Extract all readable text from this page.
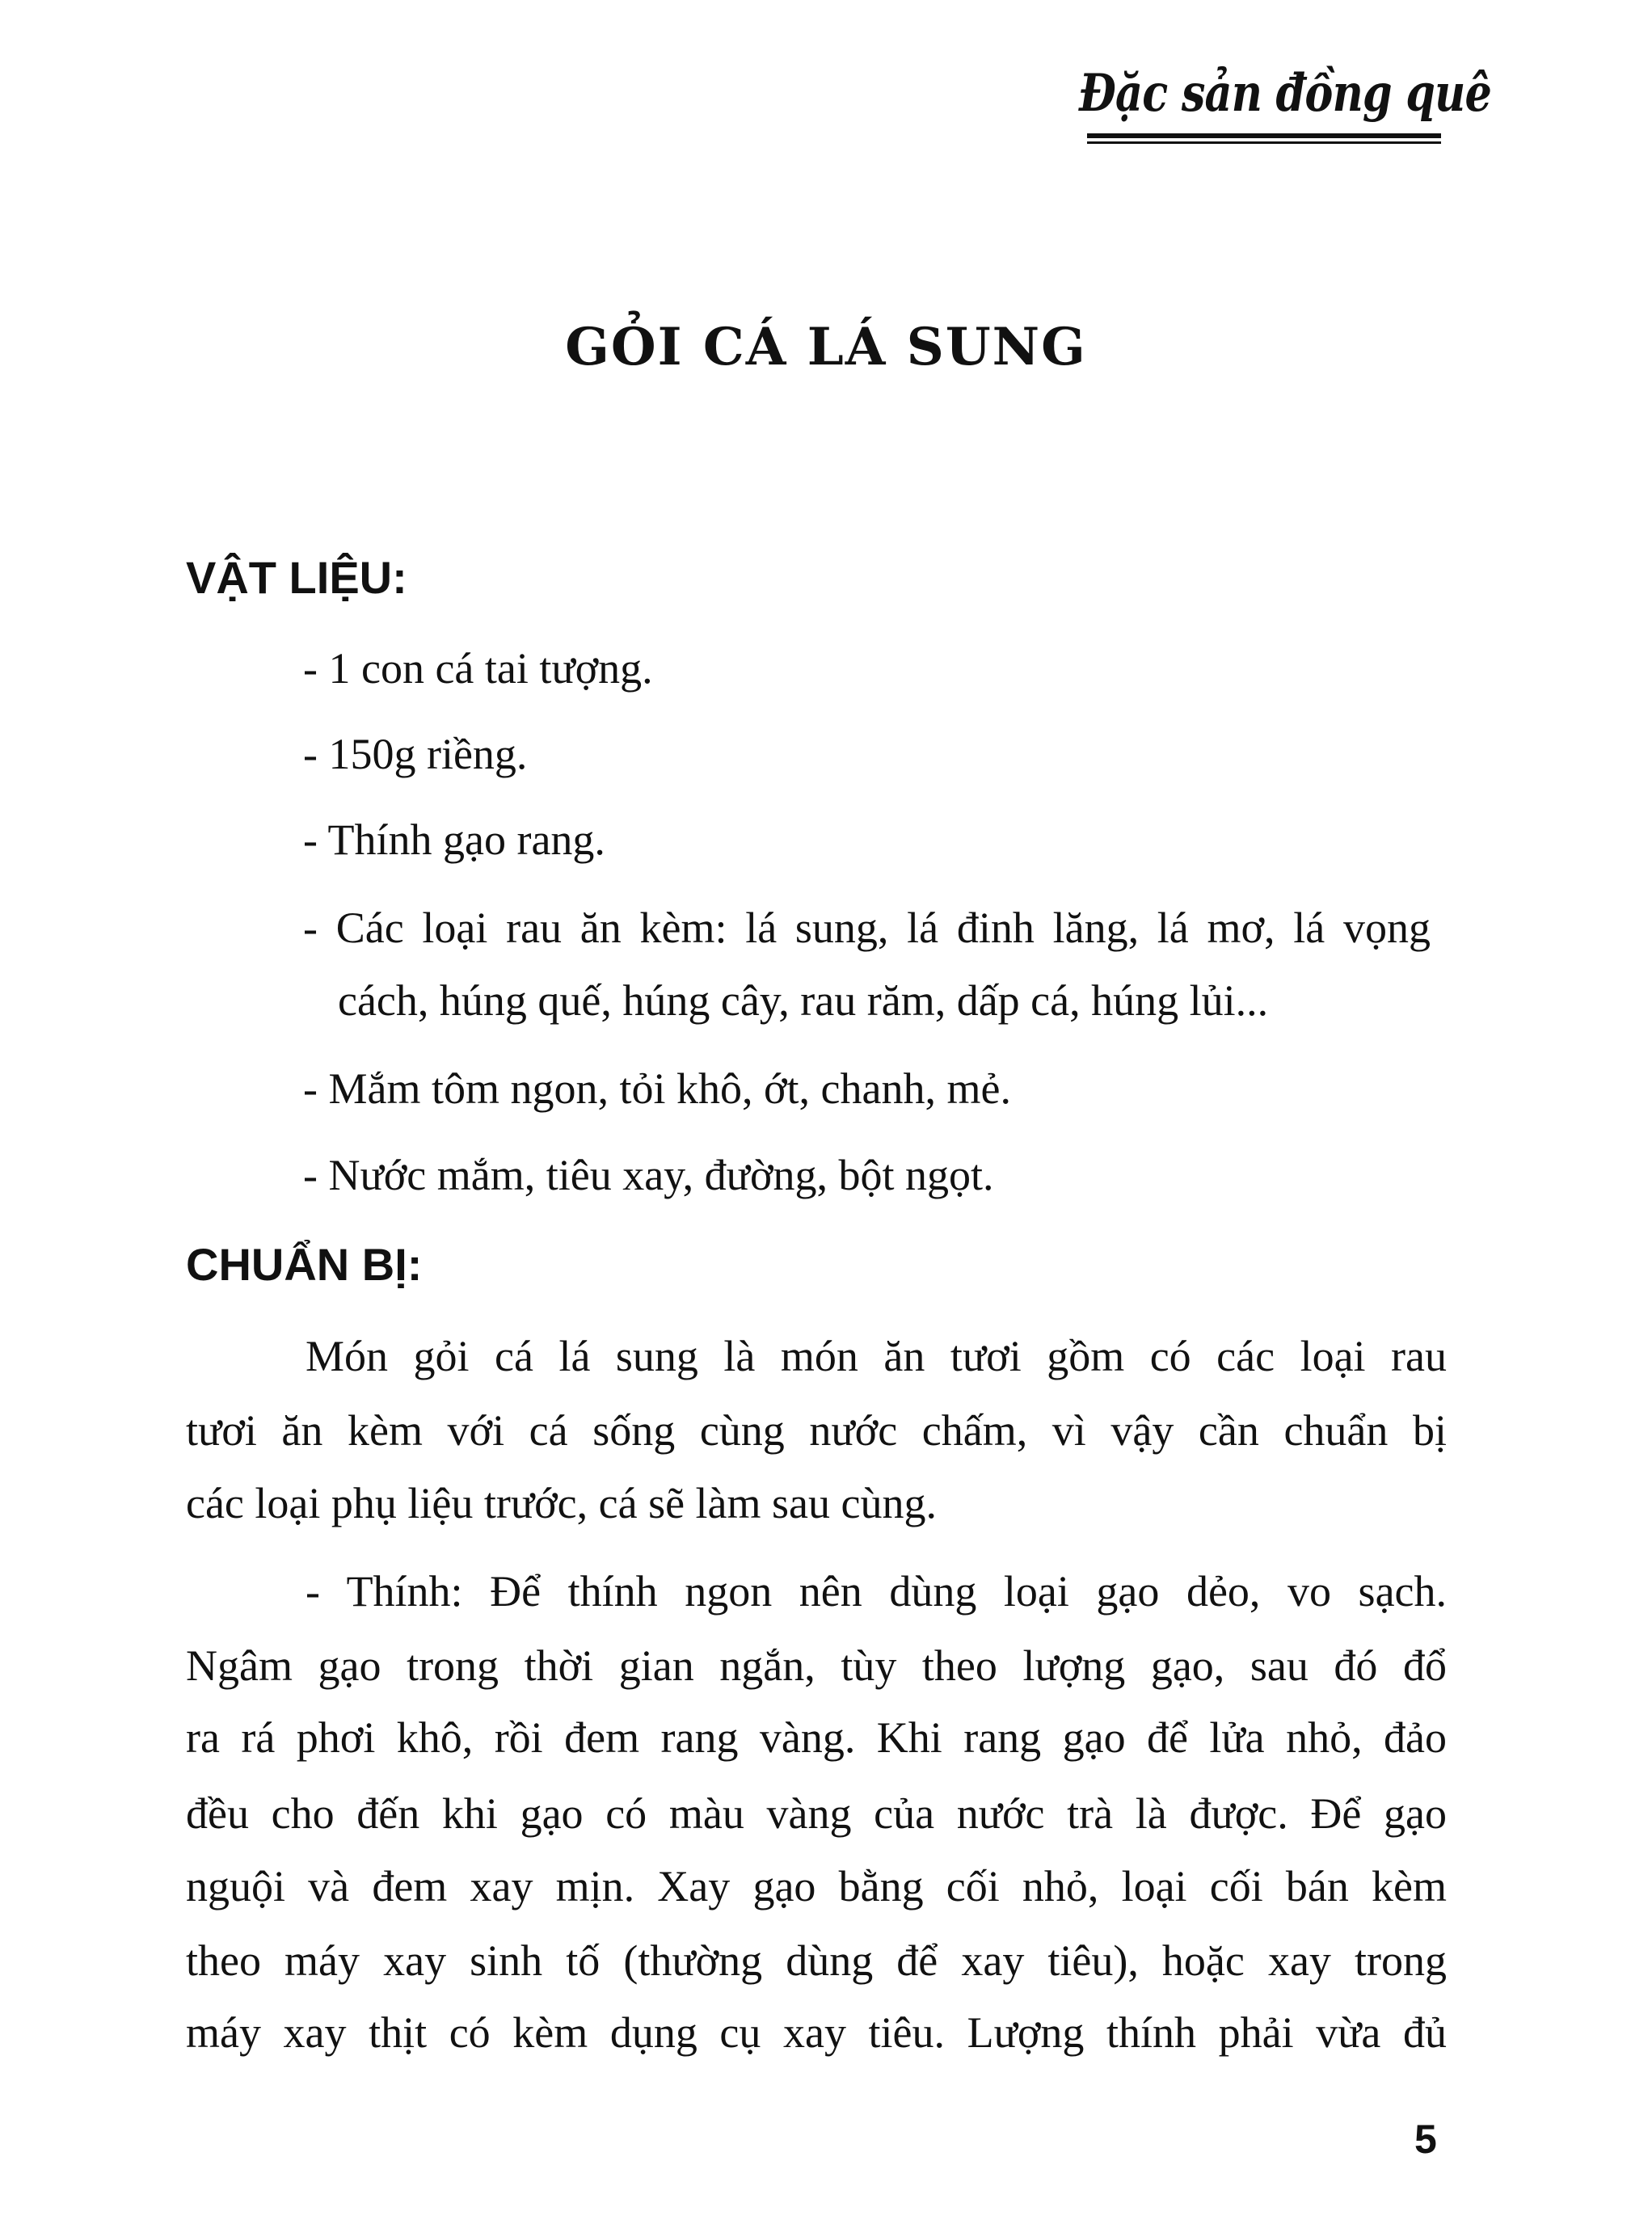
Đặc sản đồng quê
GỎI CÁ LÁ SUNG
VẬT LIỆU:
- 1 con cá tai tượng.
- 150g riềng.
- Thính gạo rang.
- Các loại rau ăn kèm: lá sung, lá đinh lăng, lá mơ, lá vọng
cách, húng quế, húng cây, rau răm, dấp cá, húng lủi...
- Mắm tôm ngon, tỏi khô, ớt, chanh, mẻ.
- Nước mắm, tiêu xay, đường, bột ngọt.
CHUẨN BỊ:
Món gỏi cá lá sung là món ăn tươi gồm có các loại rau
tươi ăn kèm với cá sống cùng nước chấm, vì vậy cần chuẩn bị
các loại phụ liệu trước, cá sẽ làm sau cùng.
- Thính: Để thính ngon nên dùng loại gạo dẻo, vo sạch.
Ngâm gạo trong thời gian ngắn, tùy theo lượng gạo, sau đó đổ
ra rá phơi khô, rồi đem rang vàng. Khi rang gạo để lửa nhỏ, đảo
đều cho đến khi gạo có màu vàng của nước trà là được. Để gạo
nguội và đem xay mịn. Xay gạo bằng cối nhỏ, loại cối bán kèm
theo máy xay sinh tố (thường dùng để xay tiêu), hoặc xay trong
máy xay thịt có kèm dụng cụ xay tiêu. Lượng thính phải vừa đủ
5
